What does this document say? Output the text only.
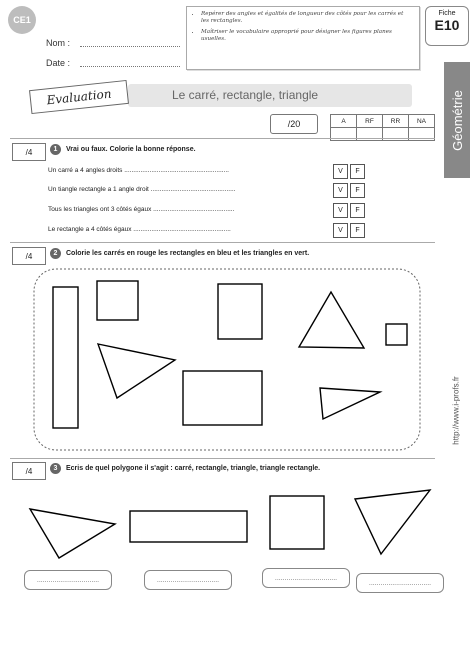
CE1
Nom :
Date :
• Repérer des angles et égalités de longueur des côtés pour les carrés et les rectangles.
• Maîtriser le vocabulaire approprié pour désigner les figures planes usuelles.
Fiche
E10
Géométrie
Evaluation	Le carré, rectangle, triangle
/20	A	RF	RR	NA

/4	1	Vrai ou faux. Colorie la bonne réponse.
Un carré a 4 angles droits ..........................................................	V	F
Un tiangle rectangle a 1 angle droit ...............................................	V	F
Tous les triangles ont 3 côtés égaux .............................................	V	F
Le rectangle a 4 côtés égaux ......................................................	V	F
/4	2	Colorie les carrés en rouge les rectangles en bleu et les triangles en vert.
/4	3	Ecris de quel polygone il s'agit : carré, rectangle, triangle, triangle rectangle.
................................	................................	................................
................................
http://www.i-profs.fr
